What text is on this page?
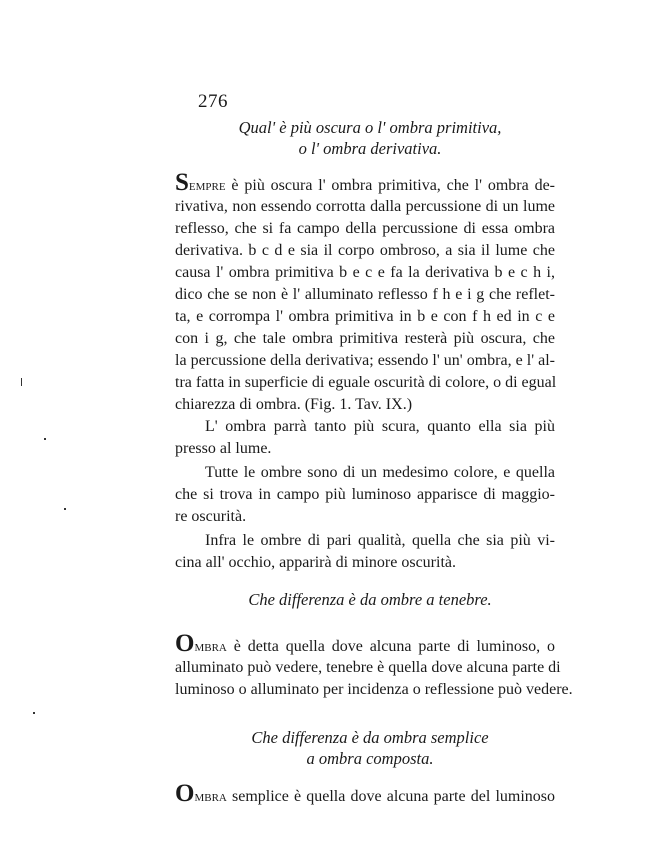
276
Qual' è più oscura o l' ombra primitiva,
o l' ombra derivativa.
Sempre è più oscura l' ombra primitiva, che l' ombra de-
rivativa, non essendo corrotta dalla percussione di un lume
reflesso, che si fa campo della percussione di essa ombra
derivativa. b c d e sia il corpo ombroso, a sia il lume che
causa l' ombra primitiva b e c e fa la derivativa b e c h i,
dico che se non è l' alluminato reflesso f h e i g che reflet-
ta, e corrompa l' ombra primitiva in b e con f h ed in c e
con i g, che tale ombra primitiva resterà più oscura, che
la percussione della derivativa; essendo l' un' ombra, e l' al-
tra fatta in superficie di eguale oscurità di colore, o di egual
chiarezza di ombra. (Fig. 1. Tav. IX.)
L' ombra parrà tanto più scura, quanto ella sia più
presso al lume.
Tutte le ombre sono di un medesimo colore, e quella
che si trova in campo più luminoso apparisce di maggio-
re oscurità.
Infra le ombre di pari qualità, quella che sia più vi-
cina all' occhio, apparirà di minore oscurità.
Che differenza è da ombre a tenebre.
Ombra è detta quella dove alcuna parte di luminoso, o
alluminato può vedere, tenebre è quella dove alcuna parte di
luminoso o alluminato per incidenza o reflessione può vedere.
Che differenza è da ombra semplice
a ombra composta.
Ombra semplice è quella dove alcuna parte del luminoso
